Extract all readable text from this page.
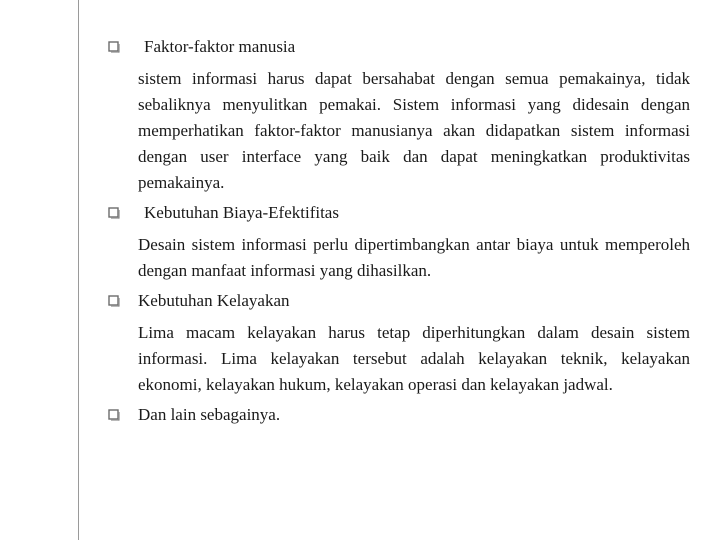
Faktor-faktor manusia
sistem informasi harus dapat bersahabat dengan semua pemakainya, tidak sebaliknya menyulitkan pemakai. Sistem informasi yang didesain dengan memperhatikan faktor-faktor manusianya akan didapatkan sistem informasi dengan user interface yang baik dan dapat meningkatkan produktivitas pemakainya.
Kebutuhan Biaya-Efektifitas
Desain sistem informasi perlu dipertimbangkan antar biaya untuk memperoleh dengan manfaat informasi yang dihasilkan.
Kebutuhan Kelayakan
Lima macam kelayakan harus tetap diperhitungkan dalam desain sistem informasi. Lima kelayakan tersebut adalah kelayakan teknik, kelayakan ekonomi, kelayakan hukum, kelayakan operasi dan kelayakan jadwal.
Dan lain sebagainya.
